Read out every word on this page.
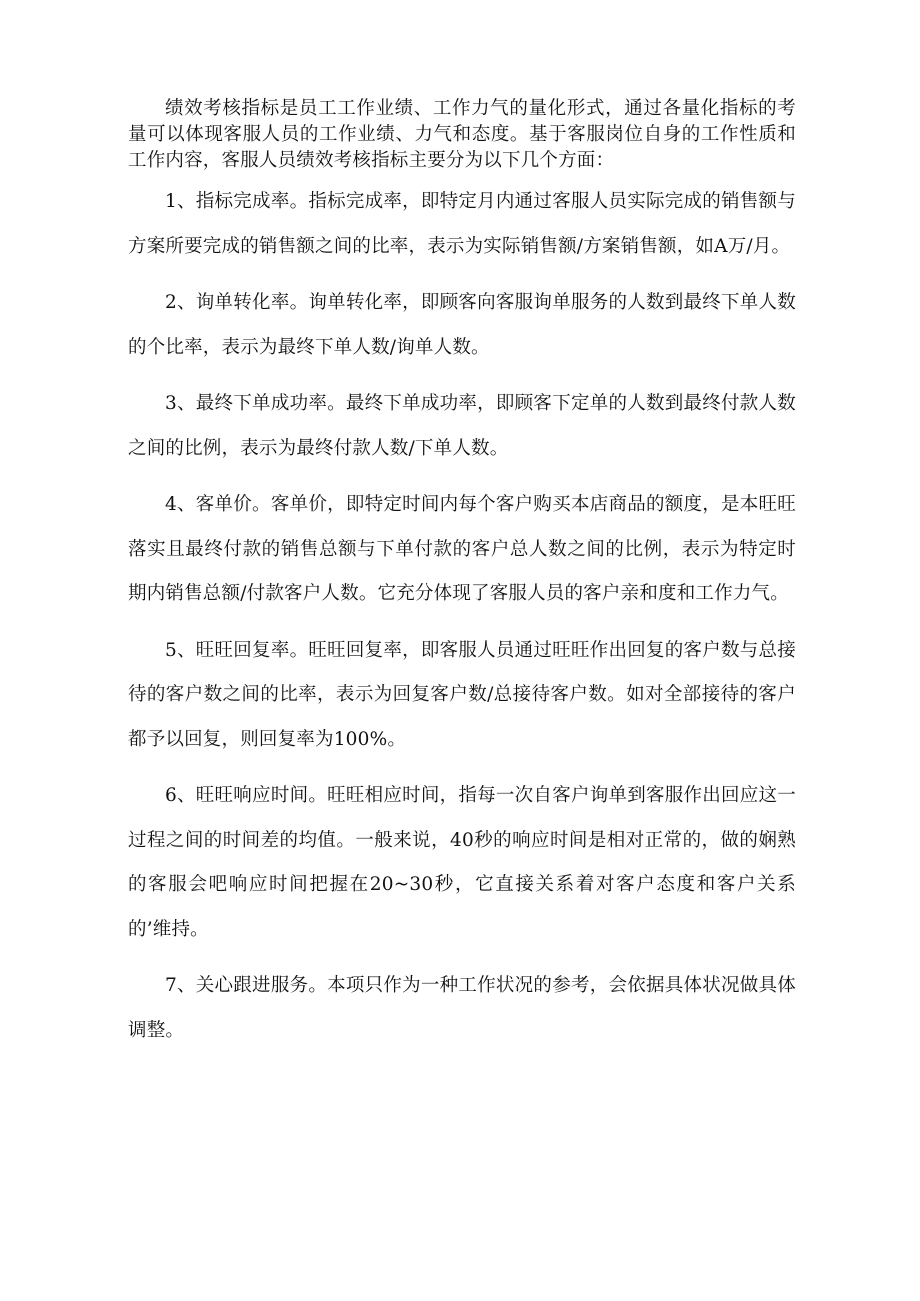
绩效考核指标是员工工作业绩、工作力气的量化形式，通过各量化指标的考量可以体现客服人员的工作业绩、力气和态度。基于客服岗位自身的工作性质和工作内容，客服人员绩效考核指标主要分为以下几个方面：

1、指标完成率。指标完成率，即特定月内通过客服人员实际完成的销售额与方案所要完成的销售额之间的比率，表示为实际销售额/方案销售额，如A万/月。

2、询单转化率。询单转化率，即顾客向客服询单服务的人数到最终下单人数的个比率，表示为最终下单人数/询单人数。

3、最终下单成功率。最终下单成功率，即顾客下定单的人数到最终付款人数之间的比例，表示为最终付款人数/下单人数。

4、客单价。客单价，即特定时间内每个客户购买本店商品的额度，是本旺旺落实且最终付款的销售总额与下单付款的客户总人数之间的比例，表示为特定时期内销售总额/付款客户人数。它充分体现了客服人员的客户亲和度和工作力气。

5、旺旺回复率。旺旺回复率，即客服人员通过旺旺作出回复的客户数与总接待的客户数之间的比率，表示为回复客户数/总接待客户数。如对全部接待的客户都予以回复，则回复率为100%。

6、旺旺响应时间。旺旺相应时间，指每一次自客户询单到客服作出回应这一过程之间的时间差的均值。一般来说，40秒的响应时间是相对正常的，做的娴熟的客服会吧响应时间把握在20~30秒，它直接关系着对客户态度和客户关系的’维持。

7、关心跟进服务。本项只作为一种工作状况的参考，会依据具体状况做具体调整。
